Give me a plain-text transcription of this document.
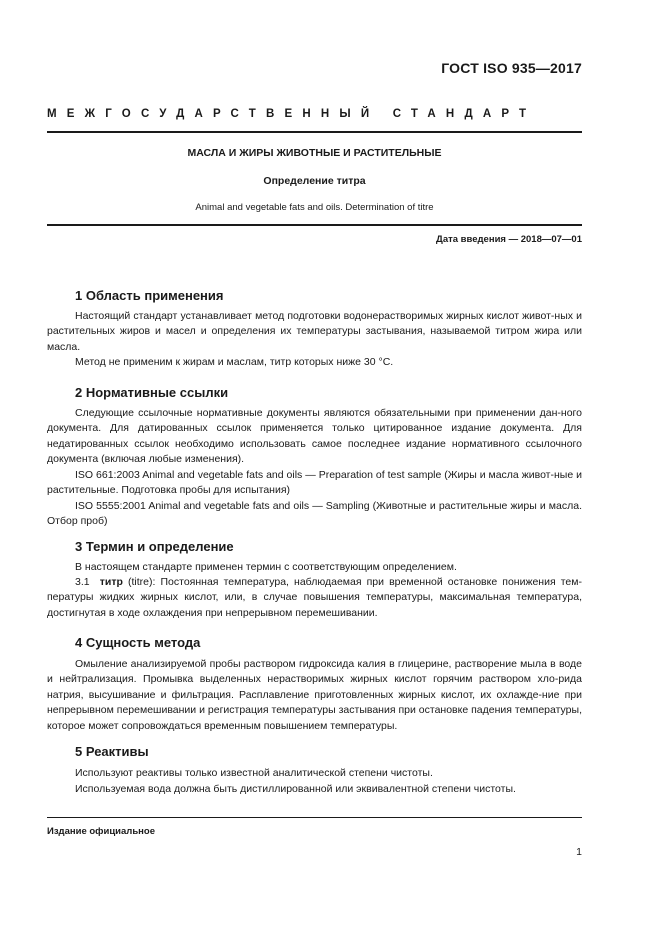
ГОСТ ISO 935—2017
МЕЖГОСУДАРСТВЕННЫЙ СТАНДАРТ
МАСЛА И ЖИРЫ ЖИВОТНЫЕ И РАСТИТЕЛЬНЫЕ
Определение титра
Animal and vegetable fats and oils. Determination of titre
Дата введения — 2018—07—01
1 Область применения
Настоящий стандарт устанавливает метод подготовки водонерастворимых жирных кислот живот-ных и растительных жиров и масел и определения их температуры застывания, называемой титром жира или масла.
Метод не применим к жирам и маслам, титр которых ниже 30 °С.
2 Нормативные ссылки
Следующие ссылочные нормативные документы являются обязательными при применении дан-ного документа. Для датированных ссылок применяется только цитированное издание документа. Для недатированных ссылок необходимо использовать самое последнее издание нормативного ссылочного документа (включая любые изменения).
ISO 661:2003 Animal and vegetable fats and oils — Preparation of test sample (Жиры и масла живот-ные и растительные. Подготовка пробы для испытания)
ISO 5555:2001 Animal and vegetable fats and oils — Sampling (Животные и растительные жиры и масла. Отбор проб)
3 Термин и определение
В настоящем стандарте применен термин с соответствующим определением.
3.1 титр (titre): Постоянная температура, наблюдаемая при временной остановке понижения тем-пературы жидких жирных кислот, или, в случае повышения температуры, максимальная температура, достигнутая в ходе охлаждения при непрерывном перемешивании.
4 Сущность метода
Омыление анализируемой пробы раствором гидроксида калия в глицерине, растворение мыла в воде и нейтрализация. Промывка выделенных нерастворимых жирных кислот горячим раствором хло-рида натрия, высушивание и фильтрация. Расплавление приготовленных жирных кислот, их охлажде-ние при непрерывном перемешивании и регистрация температуры застывания при остановке падения температуры, которое может сопровождаться временным повышением температуры.
5 Реактивы
Используют реактивы только известной аналитической степени чистоты.
Используемая вода должна быть дистиллированной или эквивалентной степени чистоты.
Издание официальное
1
